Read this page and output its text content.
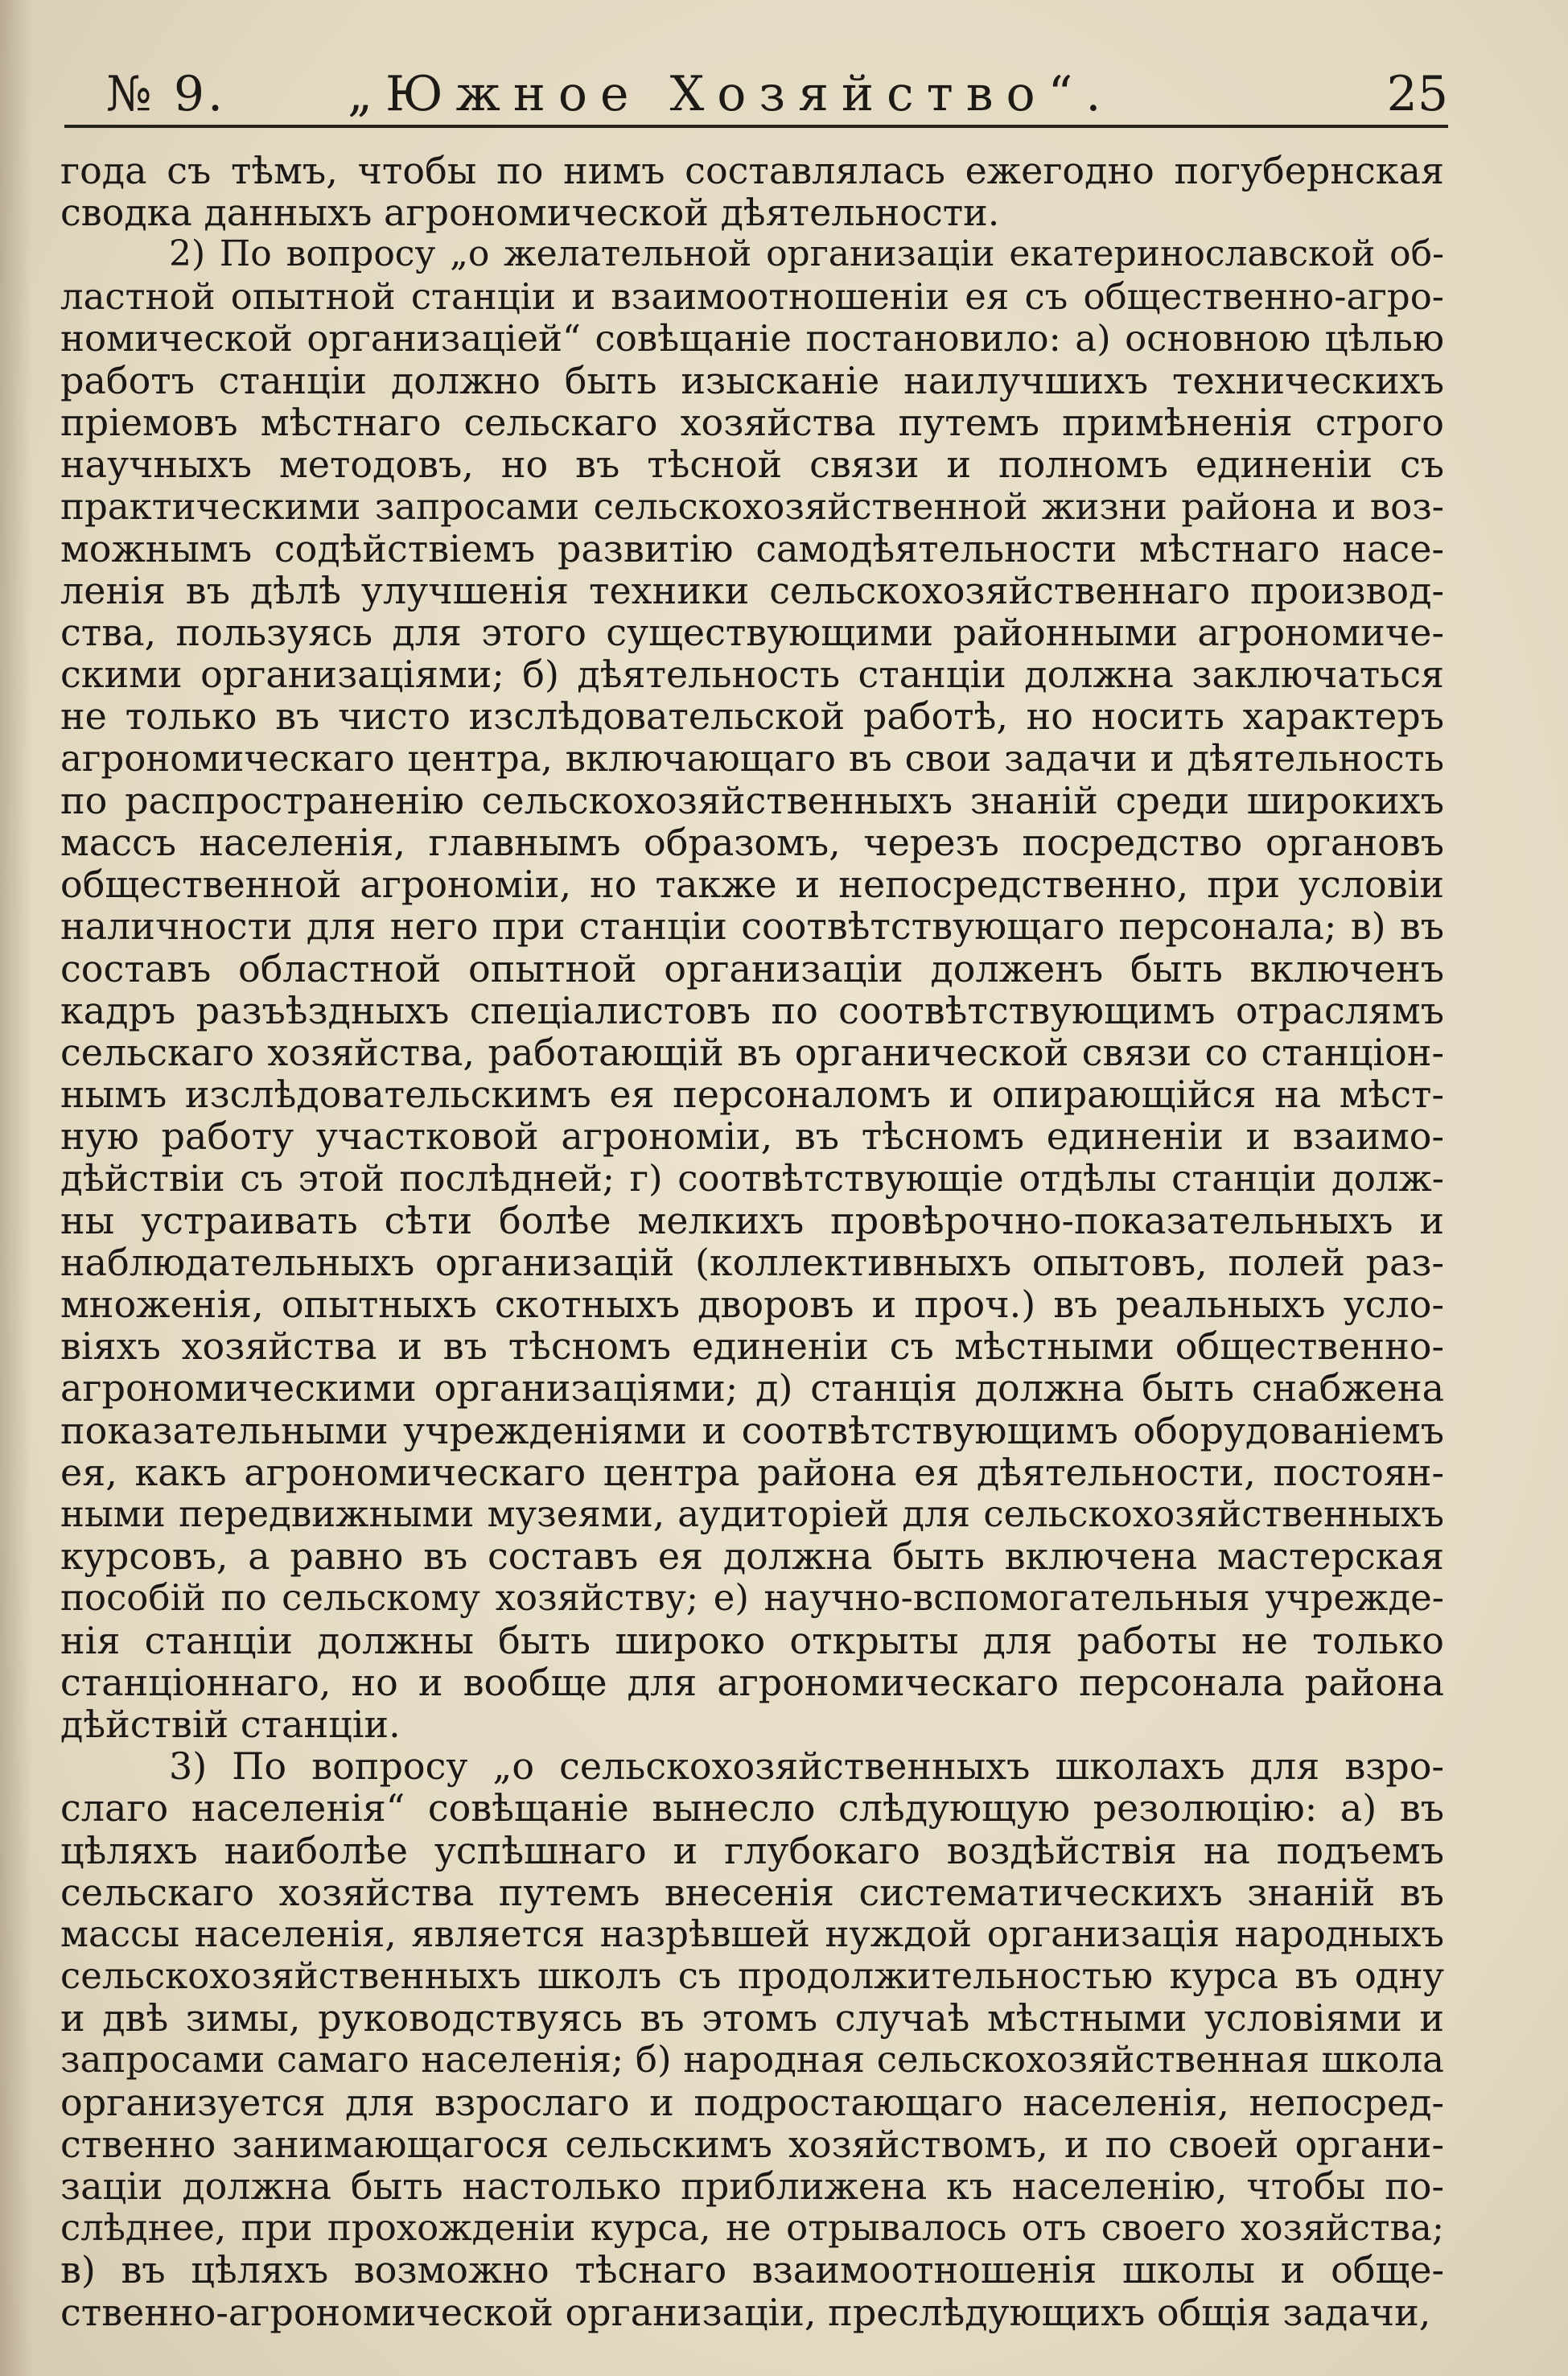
№ 9.	„Южное Хозяйство“.	25
года съ тѣмъ, чтобы по нимъ составлялась ежегодно погубернская
сводка данныхъ агрономической дѣятельности.
2) По вопросу „о желательной организаціи екатеринославской об-
ластной опытной станціи и взаимоотношеніи ея съ общественно-агро-
номической организаціей“ совѣщаніе постановило: а) основною цѣлью
работъ станціи должно быть изысканіе наилучшихъ техническихъ
пріемовъ мѣстнаго сельскаго хозяйства путемъ примѣненія строго
научныхъ методовъ, но въ тѣсной связи и полномъ единеніи съ
практическими запросами сельскохозяйственной жизни района и воз-
можнымъ содѣйствіемъ развитію самодѣятельности мѣстнаго насе-
ленія въ дѣлѣ улучшенія техники сельскохозяйственнаго производ-
ства, пользуясь для этого существующими районными агрономиче-
скими организаціями; б) дѣятельность станціи должна заключаться
не только въ чисто изслѣдовательской работѣ, но носить характеръ
агрономическаго центра, включающаго въ свои задачи и дѣятельность
по распространенію сельскохозяйственныхъ знаній среди широкихъ
массъ населенія, главнымъ образомъ, черезъ посредство органовъ
общественной агрономіи, но также и непосредственно, при условіи
наличности для него при станціи соотвѣтствующаго персонала; в) въ
составъ областной опытной организаціи долженъ быть включенъ
кадръ разъѣздныхъ спеціалистовъ по соотвѣтствующимъ отраслямъ
сельскаго хозяйства, работающій въ органической связи со станціон-
нымъ изслѣдовательскимъ ея персоналомъ и опирающійся на мѣст-
ную работу участковой агрономіи, въ тѣсномъ единеніи и взаимо-
дѣйствіи съ этой послѣдней; г) соотвѣтствующіе отдѣлы станціи долж-
ны устраивать сѣти болѣе мелкихъ провѣрочно-показательныхъ и
наблюдательныхъ организацій (коллективныхъ опытовъ, полей раз-
множенія, опытныхъ скотныхъ дворовъ и проч.) въ реальныхъ усло-
віяхъ хозяйства и въ тѣсномъ единеніи съ мѣстными общественно-
агрономическими организаціями; д) станція должна быть снабжена
показательными учрежденіями и соотвѣтствующимъ оборудованіемъ
ея, какъ агрономическаго центра района ея дѣятельности, постоян-
ными передвижными музеями, аудиторіей для сельскохозяйственныхъ
курсовъ, а равно въ составъ ея должна быть включена мастерская
пособій по сельскому хозяйству; е) научно-вспомогательныя учрежде-
нія станціи должны быть широко открыты для работы не только
станціоннаго, но и вообще для агрономическаго персонала района
дѣйствій станціи.
3) По вопросу „о сельскохозяйственныхъ школахъ для взро-
слаго населенія“ совѣщаніе вынесло слѣдующую резолюцію: а) въ
цѣляхъ наиболѣе успѣшнаго и глубокаго воздѣйствія на подъемъ
сельскаго хозяйства путемъ внесенія систематическихъ знаній въ
массы населенія, является назрѣвшей нуждой организація народныхъ
сельскохозяйственныхъ школъ съ продолжительностью курса въ одну
и двѣ зимы, руководствуясь въ этомъ случаѣ мѣстными условіями и
запросами самаго населенія; б) народная сельскохозяйственная школа
организуется для взрослаго и подростающаго населенія, непосред-
ственно занимающагося сельскимъ хозяйствомъ, и по своей органи-
заціи должна быть настолько приближена къ населенію, чтобы по-
слѣднее, при прохожденіи курса, не отрывалось отъ своего хозяйства;
в) въ цѣляхъ возможно тѣснаго взаимоотношенія школы и обще-
ственно-агрономической организаціи, преслѣдующихъ общія задачи,
